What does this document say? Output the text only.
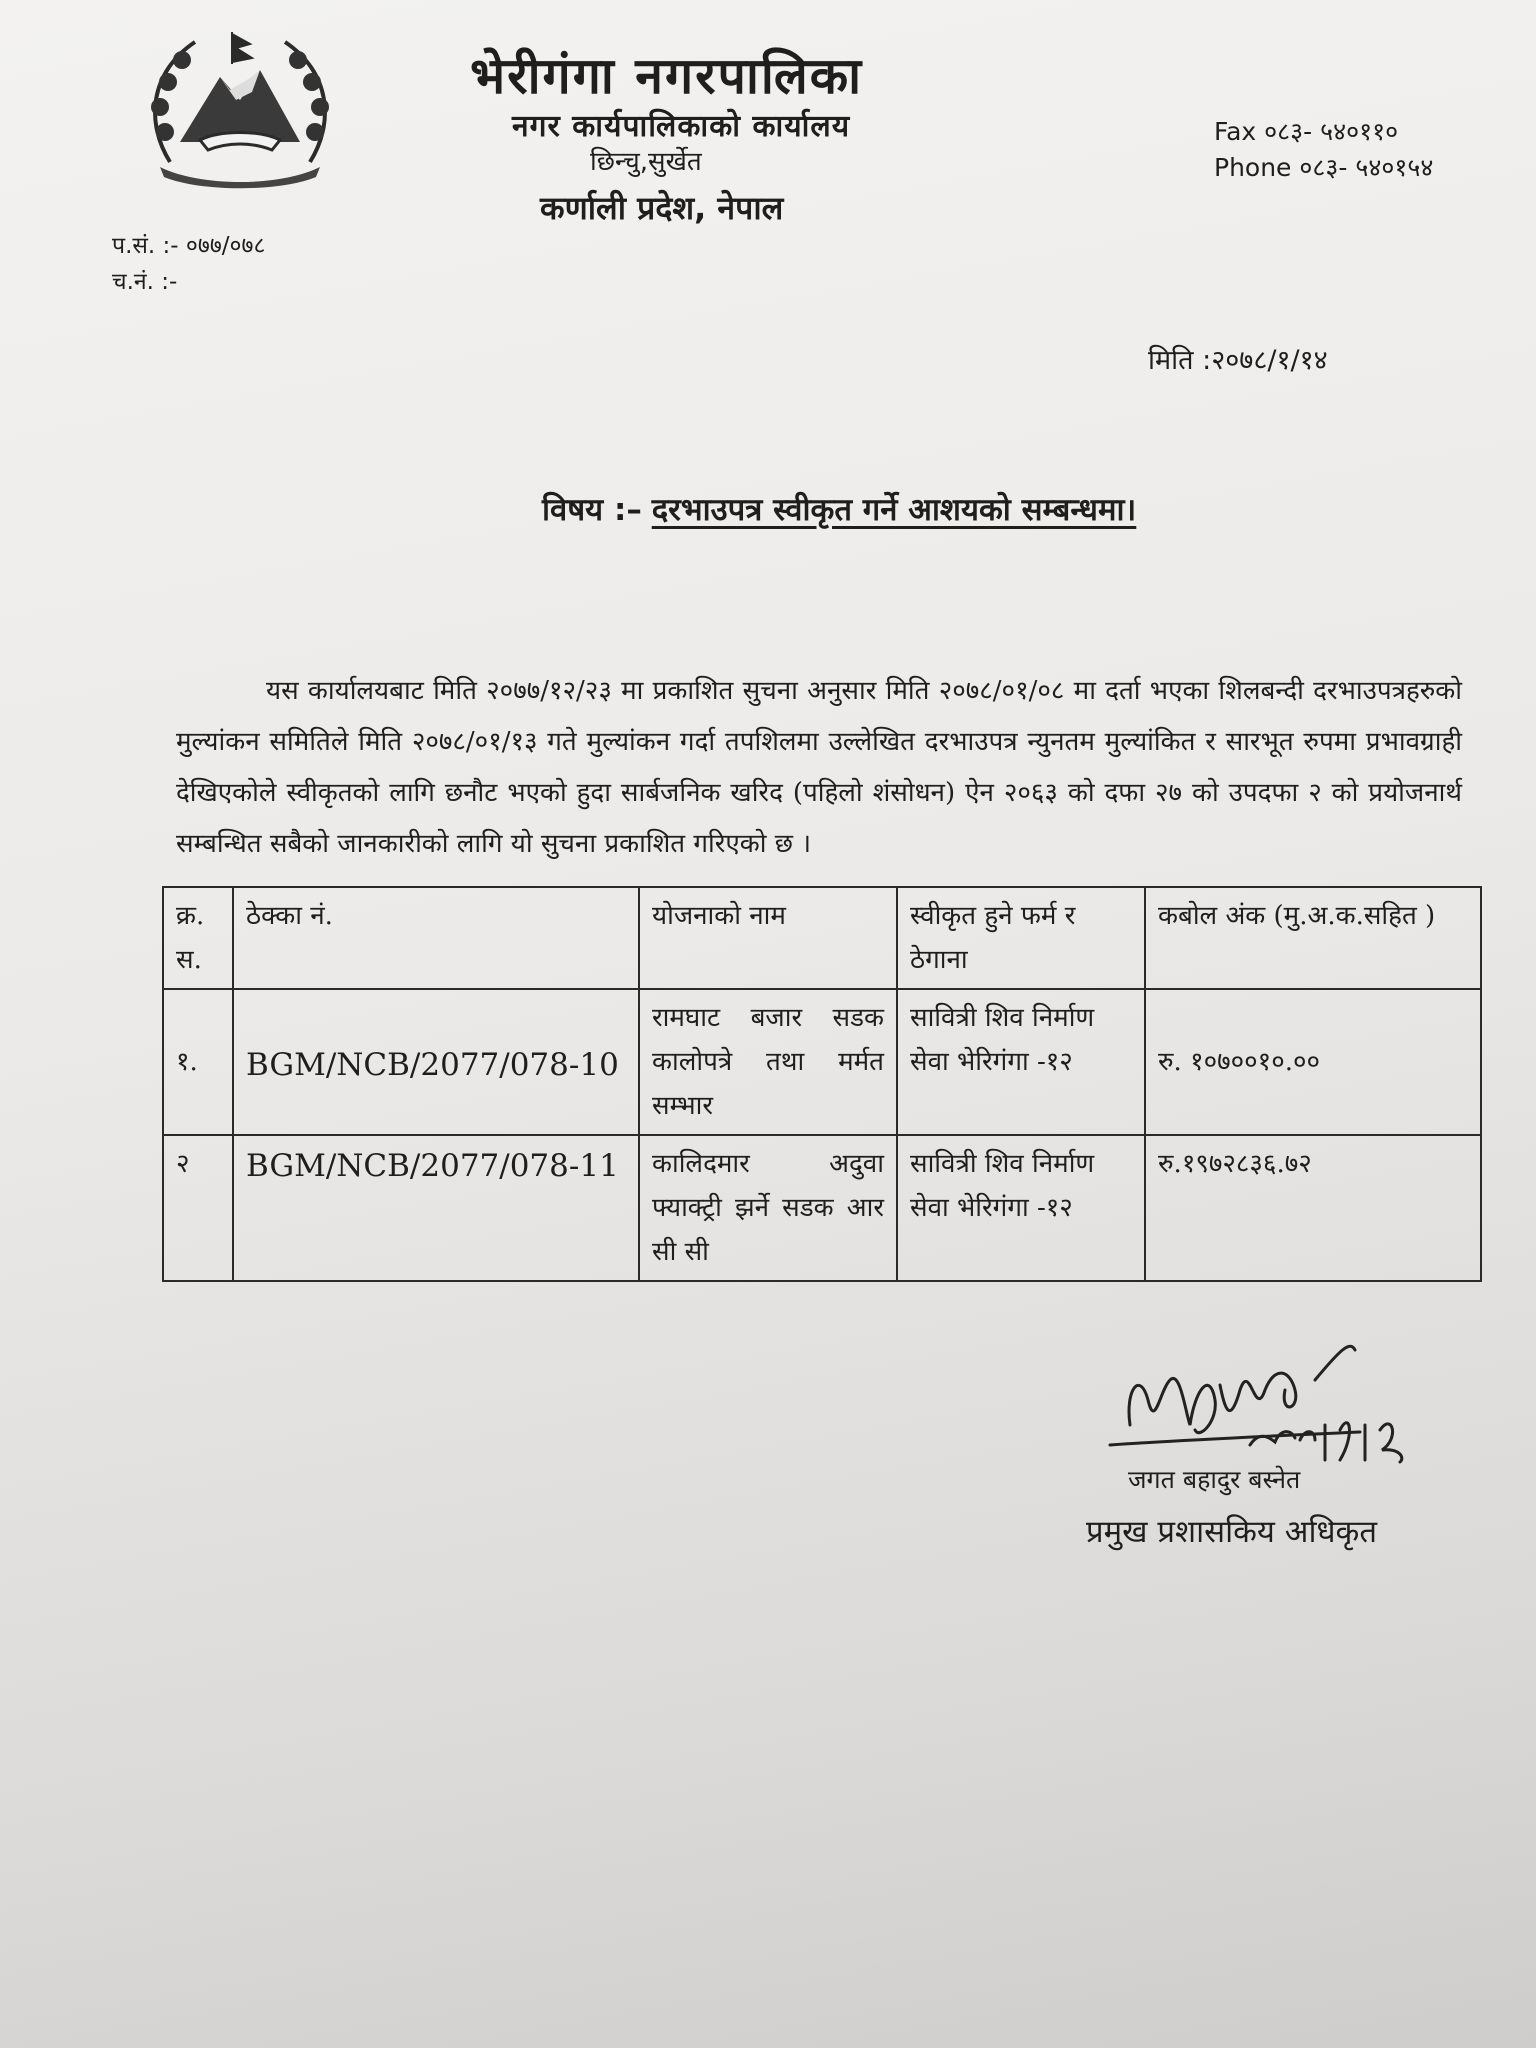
भेरीगंगा नगरपालिका
नगर कार्यपालिकाको कार्यालय
छिन्चु,सुर्खेत
कर्णाली प्रदेश, नेपाल
Fax ०८३- ५४०११०
Phone ०८३- ५४०१५४
प.सं. :- ०७७/०७८
च.नं. :-
मिति :२०७८/१/१४
विषय :– दरभाउपत्र स्वीकृत गर्ने आशयको सम्बन्धमा।
यस कार्यालयबाट मिति २०७७/१२/२३ मा प्रकाशित सुचना अनुसार मिति २०७८/०१/०८ मा दर्ता भएका शिलबन्दी दरभाउपत्रहरुको मुल्यांकन समितिले मिति २०७८/०१/१३ गते मुल्यांकन गर्दा तपशिलमा उल्लेखित दरभाउपत्र न्युनतम मुल्यांकित र सारभूत रुपमा प्रभावग्राही देखिएकोले स्वीकृतको लागि छनौट भएको हुदा सार्बजनिक खरिद (पहिलो शंसोधन) ऐन २०६३ को दफा २७ को उपदफा २ को प्रयोजनार्थ सम्बन्धित सबैको जानकारीको लागि यो सुचना प्रकाशित गरिएको छ ।
क्र. स.	ठेक्का नं.	योजनाको नाम	स्वीकृत हुने फर्म र ठेगाना	कबोल अंक (मु.अ.क.सहित )
१.	BGM/NCB/2077/078-10	रामघाट बजार सडक कालोपत्रे तथा मर्मत सम्भार	सावित्री शिव निर्माण सेवा भेरिगंगा -१२	रु. १०७००१०.००
२	BGM/NCB/2077/078-11	कालिदमार अदुवा फ्याक्ट्री झर्ने सडक आर सी सी	सावित्री शिव निर्माण सेवा भेरिगंगा -१२	रु.१९७२८३६.७२
जगत बहादुर बस्नेत
प्रमुख प्रशासकिय अधिकृत
